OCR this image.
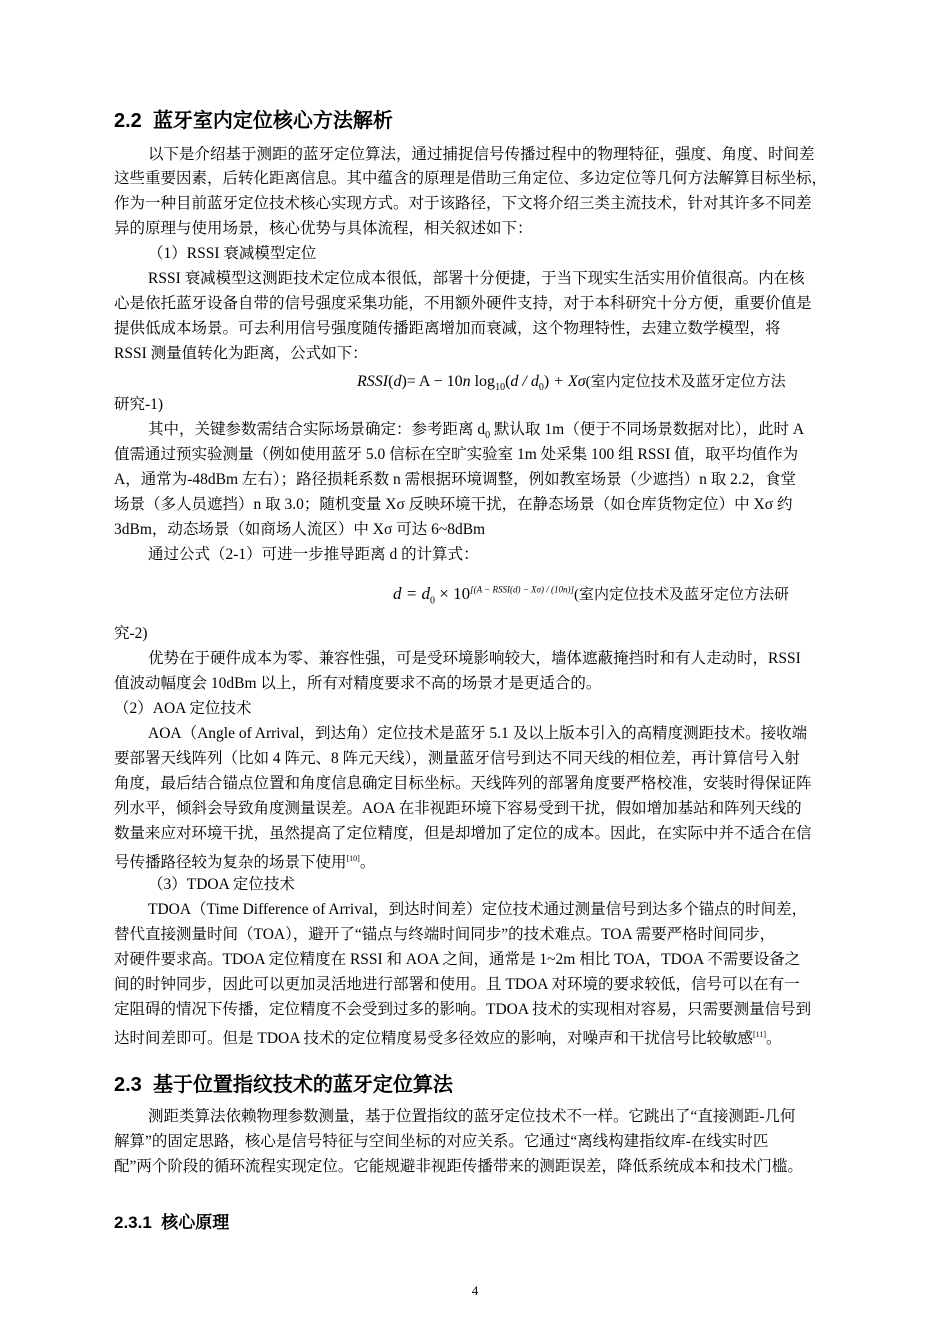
2.2 蓝牙室内定位核心方法解析
以下是介绍基于测距的蓝牙定位算法，通过捕捉信号传播过程中的物理特征，强度、角度、时间差
这些重要因素，后转化距离信息。其中蕴含的原理是借助三角定位、多边定位等几何方法解算目标坐标，
作为一种目前蓝牙定位技术核心实现方式。对于该路径，下文将介绍三类主流技术，针对其许多不同差
异的原理与使用场景，核心优势与具体流程，相关叙述如下：
（1）RSSI 衰减模型定位
RSSI 衰减模型这测距技术定位成本很低，部署十分便捷，于当下现实生活实用价值很高。内在核
心是依托蓝牙设备自带的信号强度采集功能，不用额外硬件支持，对于本科研究十分方便，重要价值是
提供低成本场景。可去利用信号强度随传播距离增加而衰减，这个物理特性，去建立数学模型，将
RSSI 测量值转化为距离，公式如下：
RSSI(d)= A − 10n $\log_{10}(d / d_0) + X\sigma$(室内定位技术及蓝牙定位方法
研究-1)
其中，关键参数需结合实际场景确定：参考距离 $d_0$ 默认取 1m（便于不同场景数据对比），此时 A
值需通过预实验测量（例如使用蓝牙 5.0 信标在空旷实验室 1m 处采集 100 组 RSSI 值，取平均值作为
A，通常为-48dBm 左右）；路径损耗系数 n 需根据环境调整，例如教室场景（少遮挡）n 取 2.2，食堂
场景（多人员遮挡）n 取 3.0；随机变量 Xσ 反映环境干扰，在静态场景（如仓库货物定位）中 Xσ 约
3dBm，动态场景（如商场人流区）中 Xσ 可达 6~8dBm
通过公式（2-1）可进一步推导距离 d 的计算式：
$d = d_0 \times 10[(A - RSSI(d) - X\sigma) / (10n)]$(室内定位技术及蓝牙定位方法研
究-2)
优势在于硬件成本为零、兼容性强，可是受环境影响较大，墙体遮蔽掩挡时和有人走动时，RSSI
值波动幅度会 10dBm 以上，所有对精度要求不高的场景才是更适合的。
（2）AOA 定位技术
AOA（Angle of Arrival，到达角）定位技术是蓝牙 5.1 及以上版本引入的高精度测距技术。接收端
要部署天线阵列（比如 4 阵元、8 阵元天线），测量蓝牙信号到达不同天线的相位差，再计算信号入射
角度，最后结合锚点位置和角度信息确定目标坐标。天线阵列的部署角度要严格校准，安装时得保证阵
列水平，倾斜会导致角度测量误差。AOA 在非视距环境下容易受到干扰，假如增加基站和阵列天线的
数量来应对环境干扰，虽然提高了定位精度，但是却增加了定位的成本。因此，在实际中并不适合在信
号传播路径较为复杂的场景下使用[10]。
（3）TDOA 定位技术
TDOA（Time Difference of Arrival，到达时间差）定位技术通过测量信号到达多个锚点的时间差，
替代直接测量时间（TOA），避开了“锚点与终端时间同步”的技术难点。TOA 需要严格时间同步，
对硬件要求高。TDOA 定位精度在 RSSI 和 AOA 之间，通常是 1~2m 相比 TOA，TDOA 不需要设备之
间的时钟同步，因此可以更加灵活地进行部署和使用。且 TDOA 对环境的要求较低，信号可以在有一
定阻碍的情况下传播，定位精度不会受到过多的影响。TDOA 技术的实现相对容易，只需要测量信号到
达时间差即可。但是 TDOA 技术的定位精度易受多径效应的影响，对噪声和干扰信号比较敏感[11]。
2.3 基于位置指纹技术的蓝牙定位算法
测距类算法依赖物理参数测量，基于位置指纹的蓝牙定位技术不一样。它跳出了“直接测距-几何
解算”的固定思路，核心是信号特征与空间坐标的对应关系。它通过“离线构建指纹库-在线实时匹
配”两个阶段的循环流程实现定位。它能规避非视距传播带来的测距误差，降低系统成本和技术门槛。
2.3.1 核心原理
4
